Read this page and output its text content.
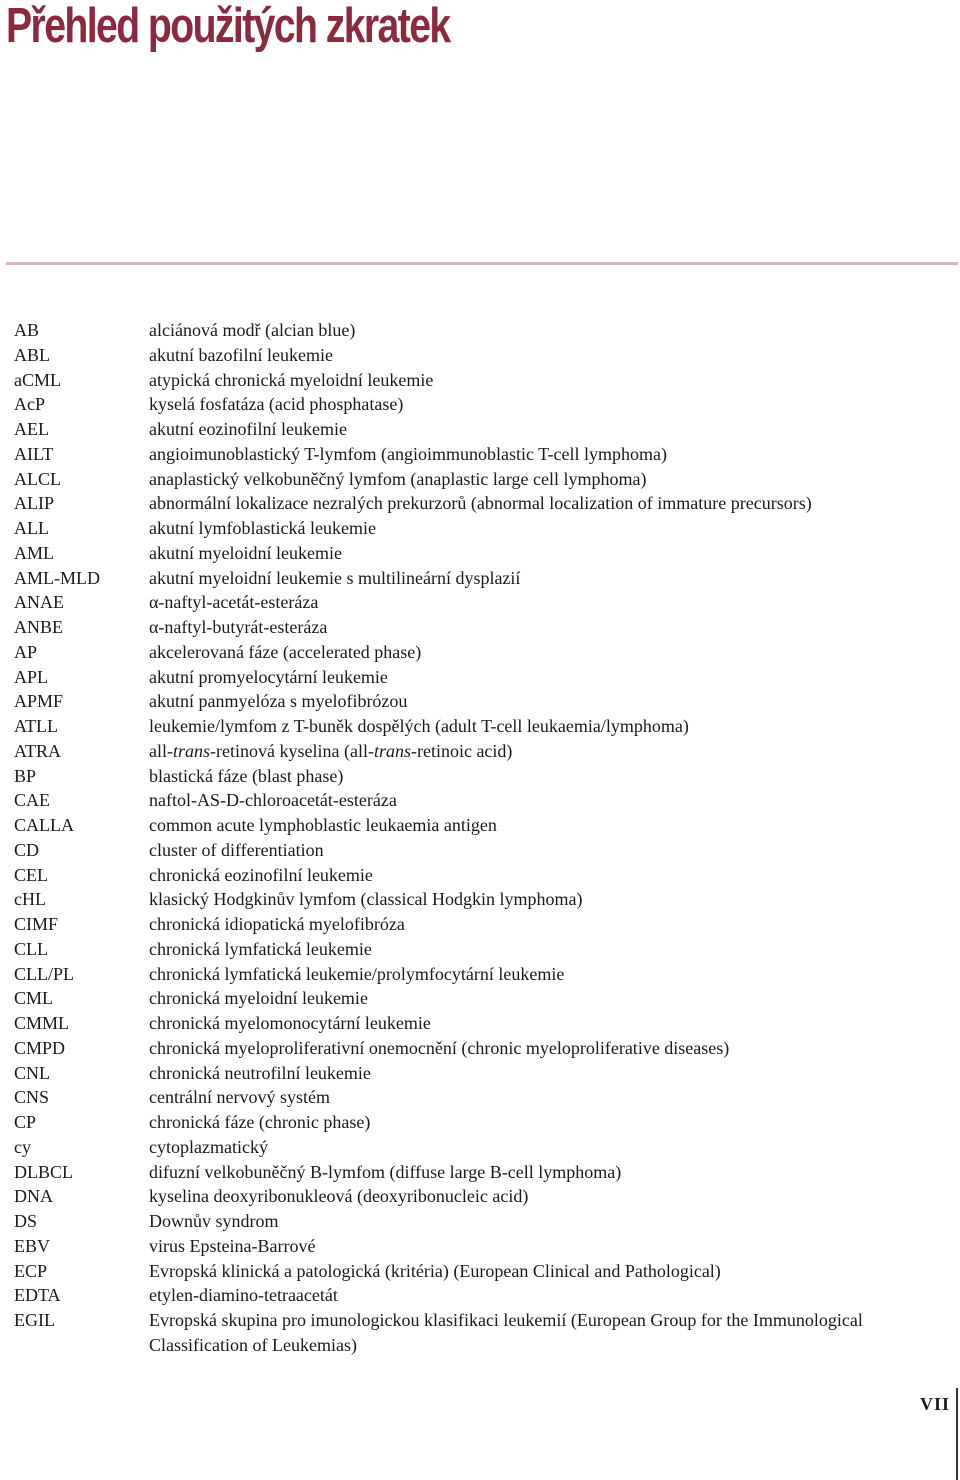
Přehled použitých zkratek
AB	alciánová modř (alcian blue)
ABL	akutní bazofilní leukemie
aCML	atypická chronická myeloidní leukemie
AcP	kyselá fosfatáza (acid phosphatase)
AEL	akutní eozinofilní leukemie
AILT	angioimunoblastický T-lymfom (angioimmunoblastic T-cell lymphoma)
ALCL	anaplastický velkobuněčný lymfom (anaplastic large cell lymphoma)
ALIP	abnormální lokalizace nezralých prekurzorů (abnormal localization of immature precursors)
ALL	akutní lymfoblastická leukemie
AML	akutní myeloidní leukemie
AML-MLD	akutní myeloidní leukemie s multilineární dysplazií
ANAE	α-naftyl-acetát-esteráza
ANBE	α-naftyl-butyrát-esteráza
AP	akcelerovaná fáze (accelerated phase)
APL	akutní promyelocytární leukemie
APMF	akutní panmyelóza s myelofibrózou
ATLL	leukemie/lymfom z T-buněk dospělých (adult T-cell leukaemia/lymphoma)
ATRA	all-trans-retinová kyselina (all-trans-retinoic acid)
BP	blastická fáze (blast phase)
CAE	naftol-AS-D-chloroacetát-esteráza
CALLA	common acute lymphoblastic leukaemia antigen
CD	cluster of differentiation
CEL	chronická eozinofilní leukemie
cHL	klasický Hodgkinův lymfom (classical Hodgkin lymphoma)
CIMF	chronická idiopatická myelofibróza
CLL	chronická lymfatická leukemie
CLL/PL	chronická lymfatická leukemie/prolymfocytární leukemie
CML	chronická myeloidní leukemie
CMML	chronická myelomonocytární leukemie
CMPD	chronická myeloproliferativní onemocnění (chronic myeloproliferative diseases)
CNL	chronická neutrofilní leukemie
CNS	centrální nervový systém
CP	chronická fáze (chronic phase)
cy	cytoplazmatický
DLBCL	difuzní velkobuněčný B-lymfom (diffuse large B-cell lymphoma)
DNA	kyselina deoxyribonukleová (deoxyribonucleic acid)
DS	Downův syndrom
EBV	virus Epsteina-Barrové
ECP	Evropská klinická a patologická (kritéria) (European Clinical and Pathological)
EDTA	etylen-diamino-tetraacetát
EGIL	Evropská skupina pro imunologickou klasifikaci leukemií (European Group for the Immunological Classification of Leukemias)
VII
